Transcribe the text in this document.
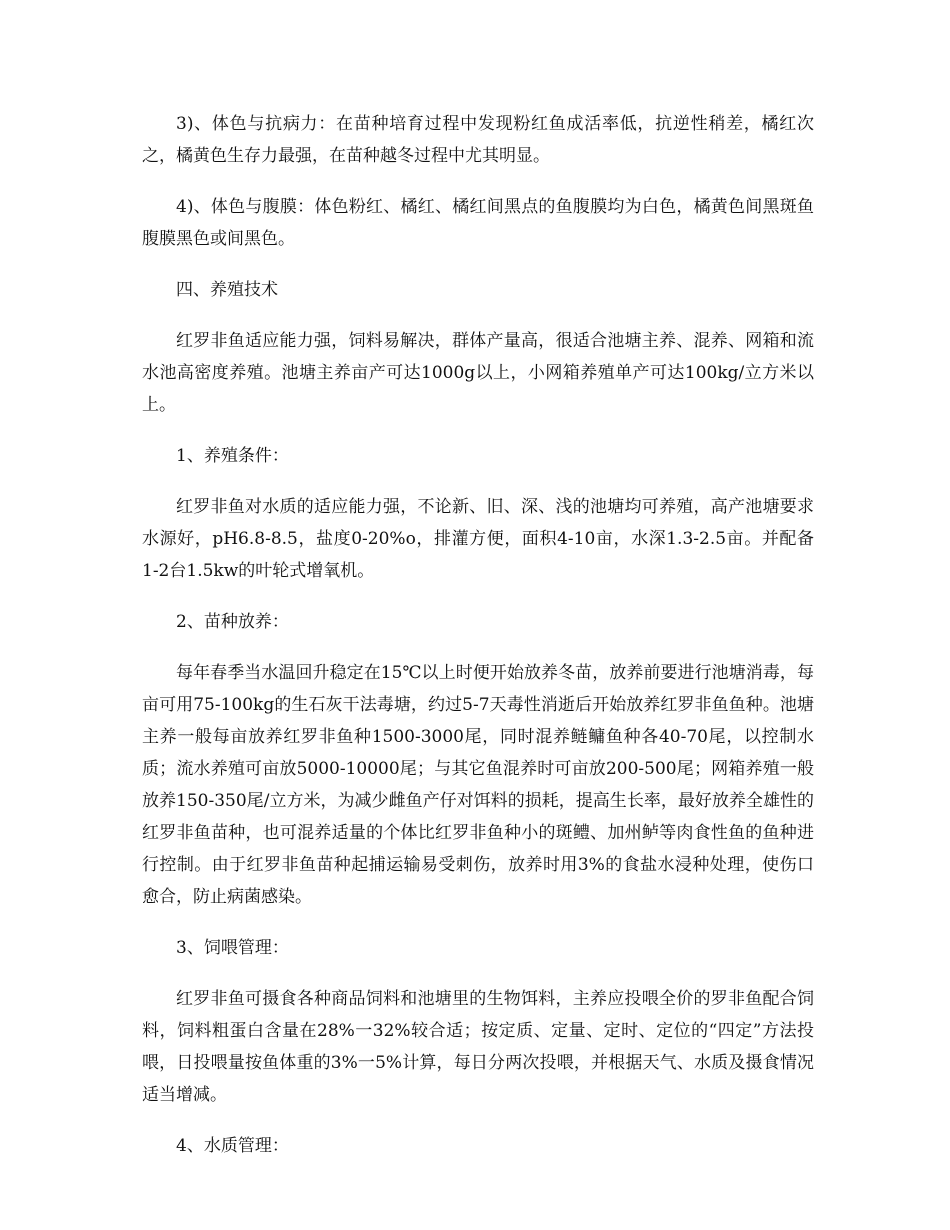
3)、体色与抗病力：在苗种培育过程中发现粉红鱼成活率低，抗逆性稍差，橘红次之，橘黄色生存力最强，在苗种越冬过程中尤其明显。

4)、体色与腹膜：体色粉红、橘红、橘红间黑点的鱼腹膜均为白色，橘黄色间黑斑鱼腹膜黑色或间黑色。

四、养殖技术

红罗非鱼适应能力强，饲料易解决，群体产量高，很适合池塘主养、混养、网箱和流水池高密度养殖。池塘主养亩产可达1000g以上，小网箱养殖单产可达100kg/立方米以上。

1、养殖条件：

红罗非鱼对水质的适应能力强，不论新、旧、深、浅的池塘均可养殖，高产池塘要求水源好，pH6.8-8.5，盐度0-20%o，排灌方便，面积4-10亩，水深1.3-2.5亩。并配备1-2台1.5kw的叶轮式增氧机。

2、苗种放养：

每年春季当水温回升稳定在15℃以上时便开始放养冬苗，放养前要进行池塘消毒，每亩可用75-100kg的生石灰干法毒塘，约过5-7天毒性消逝后开始放养红罗非鱼鱼种。池塘主养一般每亩放养红罗非鱼种1500-3000尾，同时混养鲢鳙鱼种各40-70尾，以控制水质；流水养殖可亩放5000-10000尾；与其它鱼混养时可亩放200-500尾；网箱养殖一般放养150-350尾/立方米，为减少雌鱼产仔对饵料的损耗，提高生长率，最好放养全雄性的红罗非鱼苗种，也可混养适量的个体比红罗非鱼种小的斑鳢、加州鲈等肉食性鱼的鱼种进行控制。由于红罗非鱼苗种起捕运输易受刺伤，放养时用3%的食盐水浸种处理，使伤口愈合，防止病菌感染。

3、饲喂管理：

红罗非鱼可摄食各种商品饲料和池塘里的生物饵料，主养应投喂全价的罗非鱼配合饲料，饲料粗蛋白含量在28%一32%较合适；按定质、定量、定时、定位的“四定”方法投喂，日投喂量按鱼体重的3%一5%计算，每日分两次投喂，并根据天气、水质及摄食情况适当增减。

4、水质管理：
